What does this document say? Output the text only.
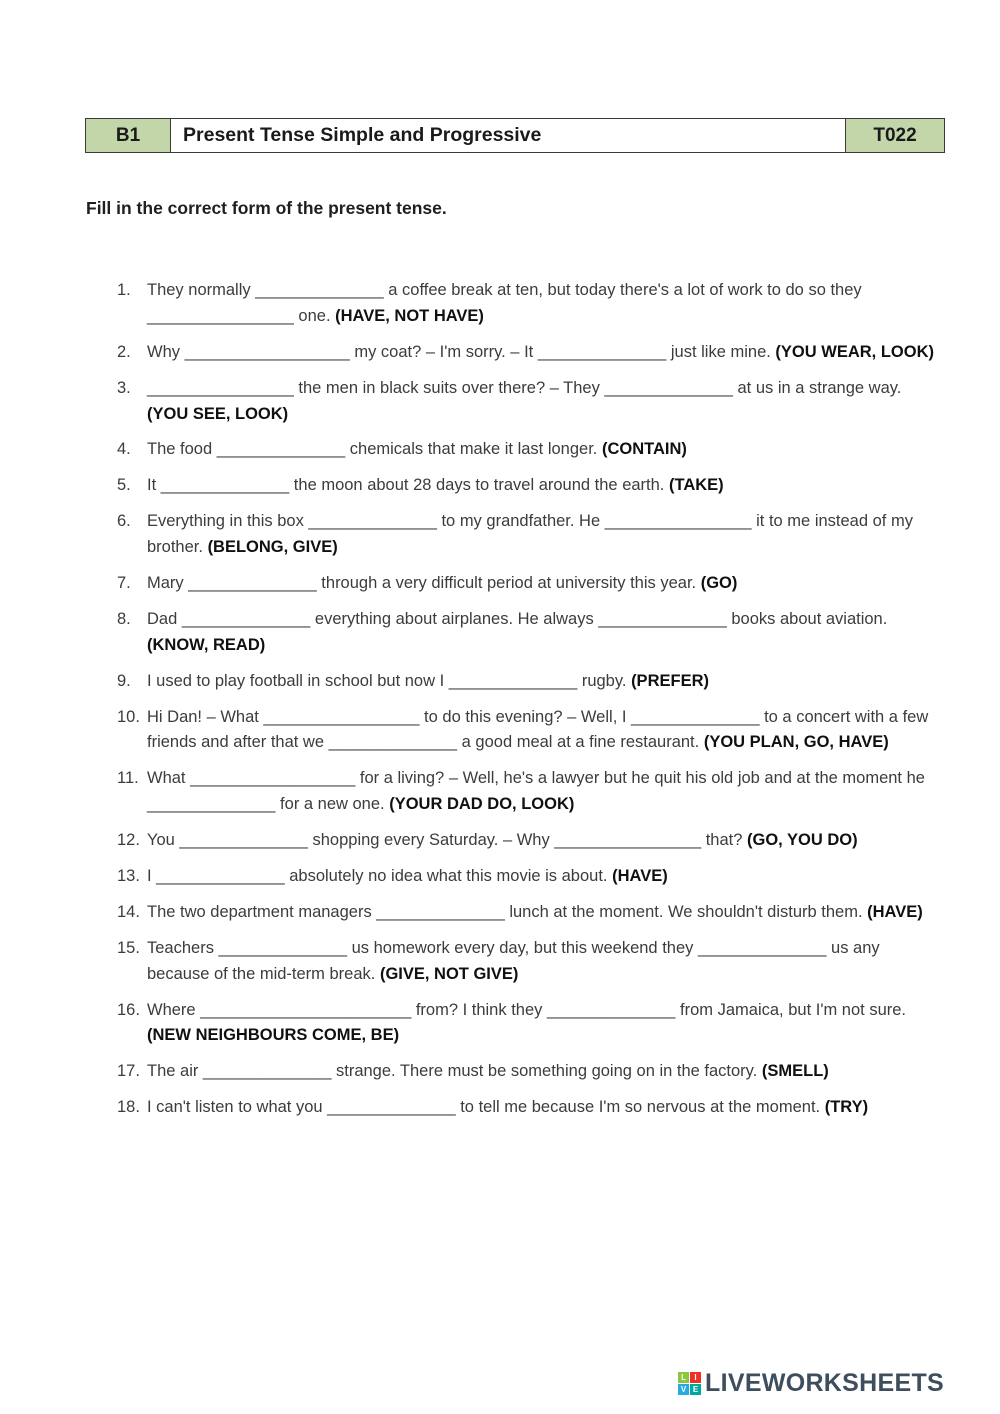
B1	Present Tense Simple and Progressive	T022

Fill in the correct form of the present tense.

1. They normally ______________ a coffee break at ten, but today there's a lot of work to do so they ________________ one. (HAVE, NOT HAVE)

2. Why __________________ my coat? – I'm sorry. – It ______________ just like mine. (YOU WEAR, LOOK)

3. ________________ the men in black suits over there? – They ______________ at us in a strange way. (YOU SEE, LOOK)

4. The food ______________ chemicals that make it last longer. (CONTAIN)

5. It ______________ the moon about 28 days to travel around the earth. (TAKE)

6. Everything in this box ______________ to my grandfather. He ________________ it to me instead of my brother. (BELONG, GIVE)

7. Mary ______________ through a very difficult period at university this year. (GO)

8. Dad ______________ everything about airplanes. He always ______________ books about aviation. (KNOW, READ)

9. I used to play football in school but now I ______________ rugby. (PREFER)

10. Hi Dan! – What _________________ to do this evening? – Well, I ______________ to a concert with a few friends and after that we ______________ a good meal at a fine restaurant. (YOU PLAN, GO, HAVE)

11. What __________________ for a living? – Well, he's a lawyer but he quit his old job and at the moment he ______________ for a new one. (YOUR DAD DO, LOOK)

12. You ______________ shopping every Saturday. – Why ________________ that? (GO, YOU DO)

13. I ______________ absolutely no idea what this movie is about. (HAVE)

14. The two department managers ______________ lunch at the moment. We shouldn't disturb them. (HAVE)

15. Teachers ______________ us homework every day, but this weekend they ______________ us any because of the mid-term break. (GIVE, NOT GIVE)

16. Where _______________________ from? I think they ______________ from Jamaica, but I'm not sure. (NEW NEIGHBOURS COME, BE)

17. The air ______________ strange. There must be something going on in the factory. (SMELL)

18. I can't listen to what you ______________ to tell me because I'm so nervous at the moment. (TRY)

L	I
V E LIVEWORKSHEETS
